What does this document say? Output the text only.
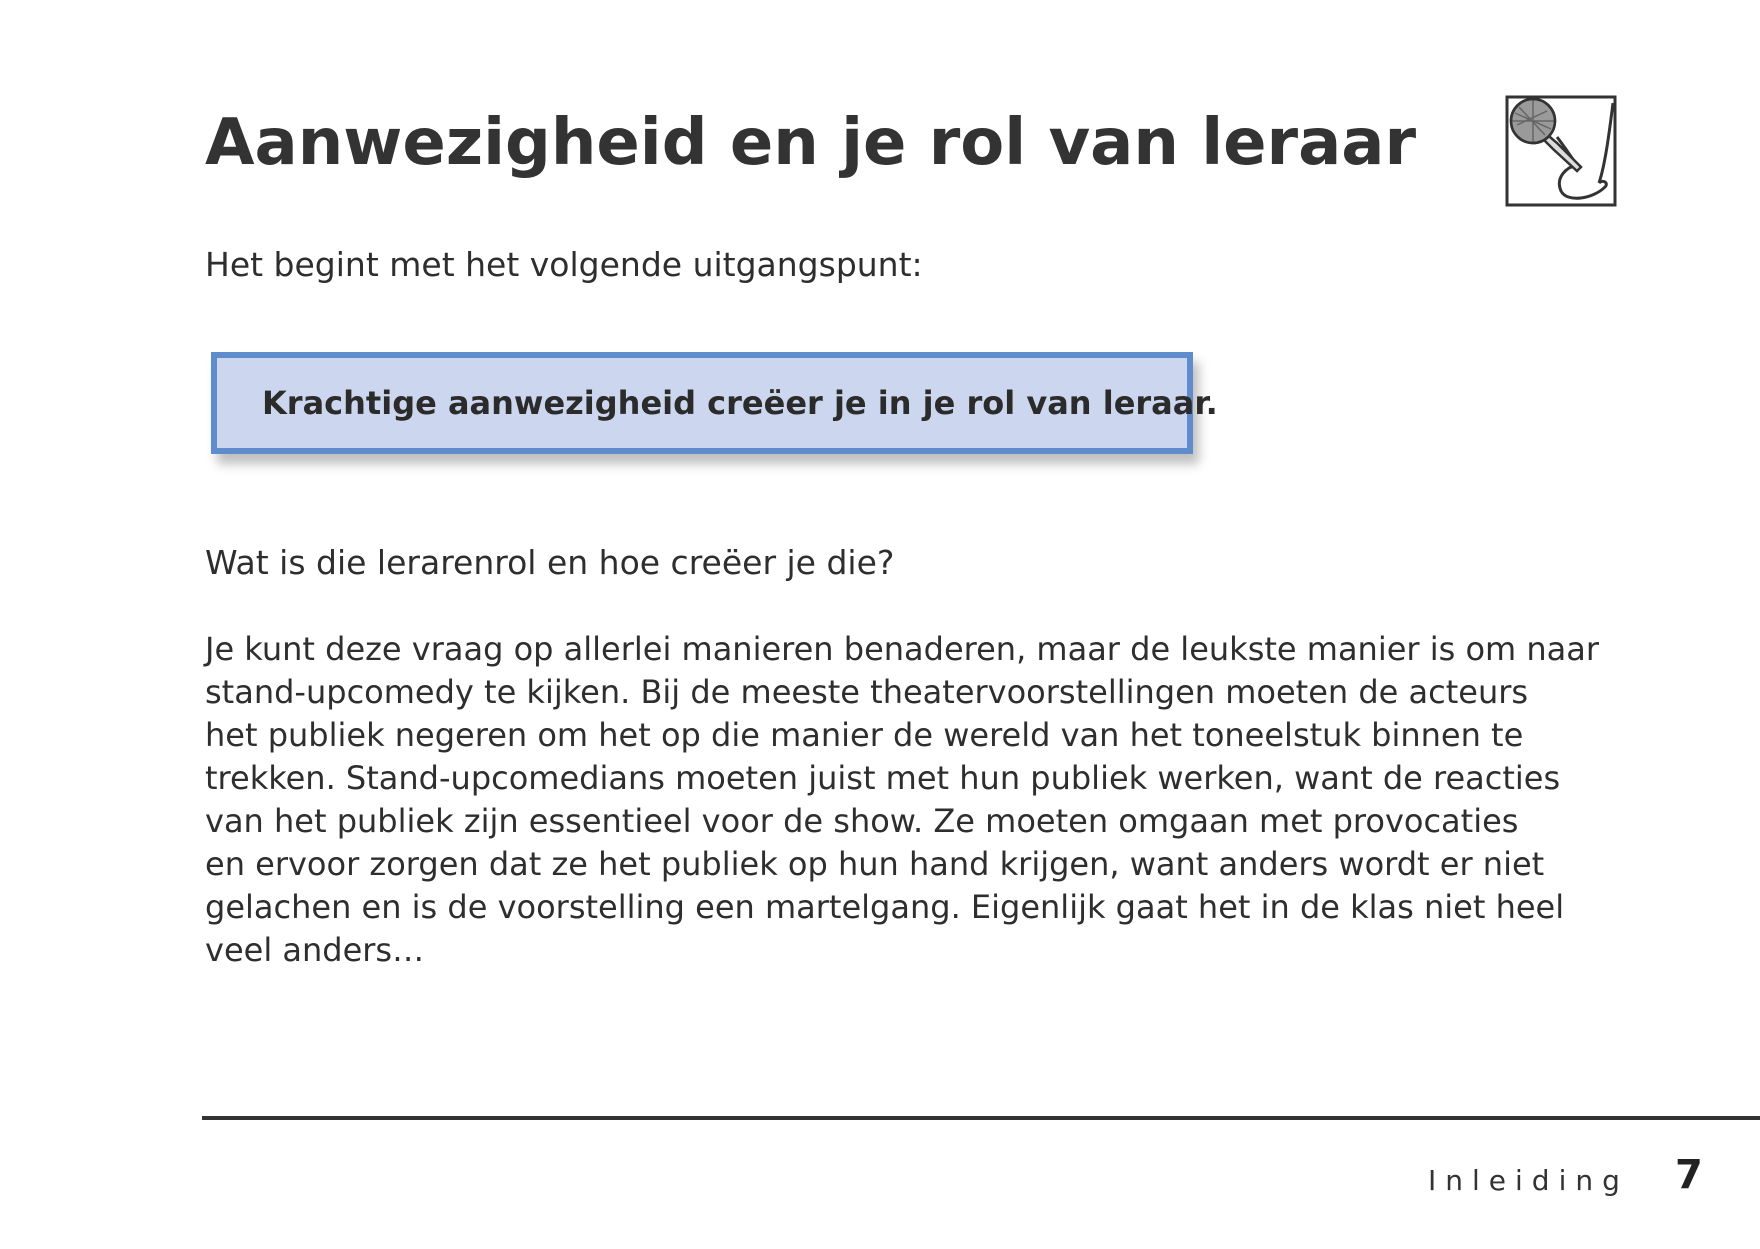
Aanwezigheid en je rol van leraar

Het begint met het volgende uitgangspunt:

Krachtige aanwezigheid creëer je in je rol van leraar.

Wat is die lerarenrol en hoe creëer je die?

Je kunt deze vraag op allerlei manieren benaderen, maar de leukste manier is om naar
stand-upcomedy te kijken. Bij de meeste theatervoorstellingen moeten de acteurs
het publiek negeren om het op die manier de wereld van het toneelstuk binnen te
trekken. Stand-upcomedians moeten juist met hun publiek werken, want de reacties
van het publiek zijn essentieel voor de show. Ze moeten omgaan met provocaties
en ervoor zorgen dat ze het publiek op hun hand krijgen, want anders wordt er niet
gelachen en is de voorstelling een martelgang. Eigenlijk gaat het in de klas niet heel
veel anders…

Inleiding 7
